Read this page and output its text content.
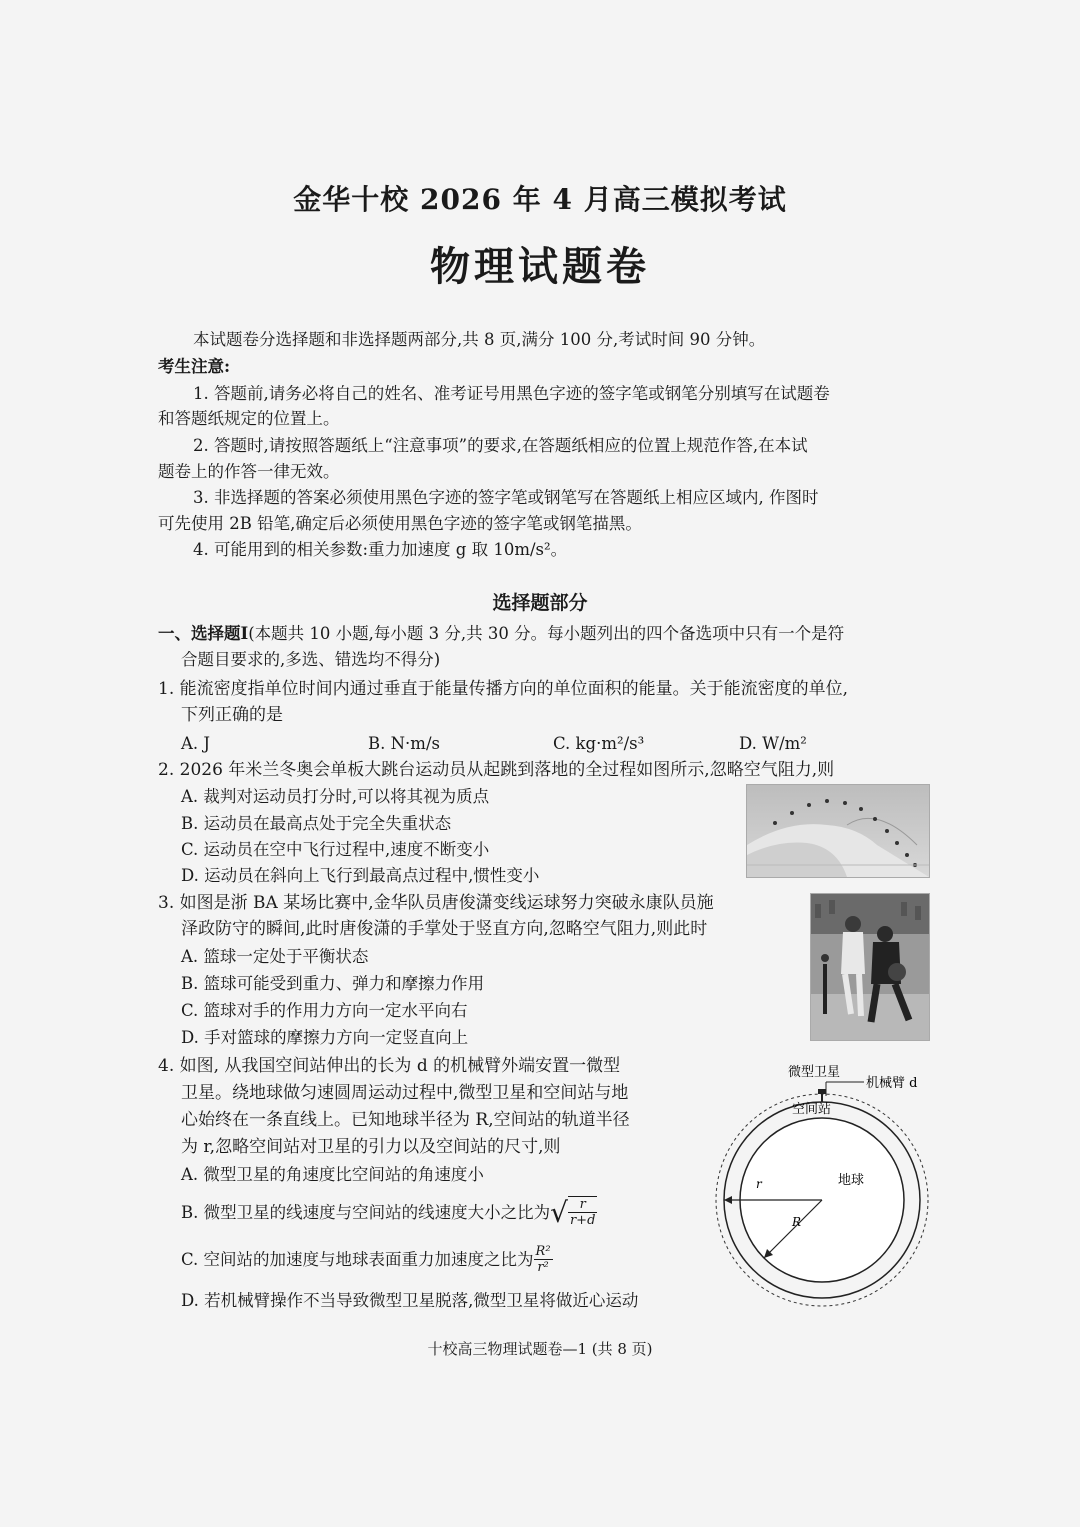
金华十校 2026 年 4 月高三模拟考试
物理试题卷
本试题卷分选择题和非选择题两部分,共 8 页,满分 100 分,考试时间 90 分钟。
考生注意:
1. 答题前,请务必将自己的姓名、准考证号用黑色字迹的签字笔或钢笔分别填写在试题卷
和答题纸规定的位置上。
2. 答题时,请按照答题纸上“注意事项”的要求,在答题纸相应的位置上规范作答,在本试
题卷上的作答一律无效。
3. 非选择题的答案必须使用黑色字迹的签字笔或钢笔写在答题纸上相应区域内, 作图时
可先使用 2B 铅笔,确定后必须使用黑色字迹的签字笔或钢笔描黑。
4. 可能用到的相关参数:重力加速度 g 取 10m/s²。
选择题部分
一、选择题Ⅰ(本题共 10 小题,每小题 3 分,共 30 分。每小题列出的四个备选项中只有一个是符
合题目要求的,多选、错选均不得分)
1. 能流密度指单位时间内通过垂直于能量传播方向的单位面积的能量。关于能流密度的单位,
下列正确的是
A. J	B. N·m/s	C. kg·m²/s³	D. W/m²
2. 2026 年米兰冬奥会单板大跳台运动员从起跳到落地的全过程如图所示,忽略空气阻力,则
A. 裁判对运动员打分时,可以将其视为质点
B. 运动员在最高点处于完全失重状态
C. 运动员在空中飞行过程中,速度不断变小
D. 运动员在斜向上飞行到最高点过程中,惯性变小
3. 如图是浙 BA 某场比赛中,金华队员唐俊潇变线运球努力突破永康队员施
泽政防守的瞬间,此时唐俊潇的手掌处于竖直方向,忽略空气阻力,则此时
A. 篮球一定处于平衡状态
B. 篮球可能受到重力、弹力和摩擦力作用
C. 篮球对手的作用力方向一定水平向右
D. 手对篮球的摩擦力方向一定竖直向上
4. 如图, 从我国空间站伸出的长为 d 的机械臂外端安置一微型
卫星。绕地球做匀速圆周运动过程中,微型卫星和空间站与地
心始终在一条直线上。已知地球半径为 R,空间站的轨道半径
为 r,忽略空间站对卫星的引力以及空间站的尺寸,则
A. 微型卫星的角速度比空间站的角速度小
B. 微型卫星的线速度与空间站的线速度大小之比为 √ $\frac{r}{r+d}$
C. 空间站的加速度与地球表面重力加速度之比为 $\frac{\text{R²}}{\text{r²}}$
D. 若机械臂操作不当导致微型卫星脱落,微型卫星将做近心运动
微型卫星
机械臂 d
空间站
地球
r
R
十校高三物理试题卷—1 (共 8 页)
